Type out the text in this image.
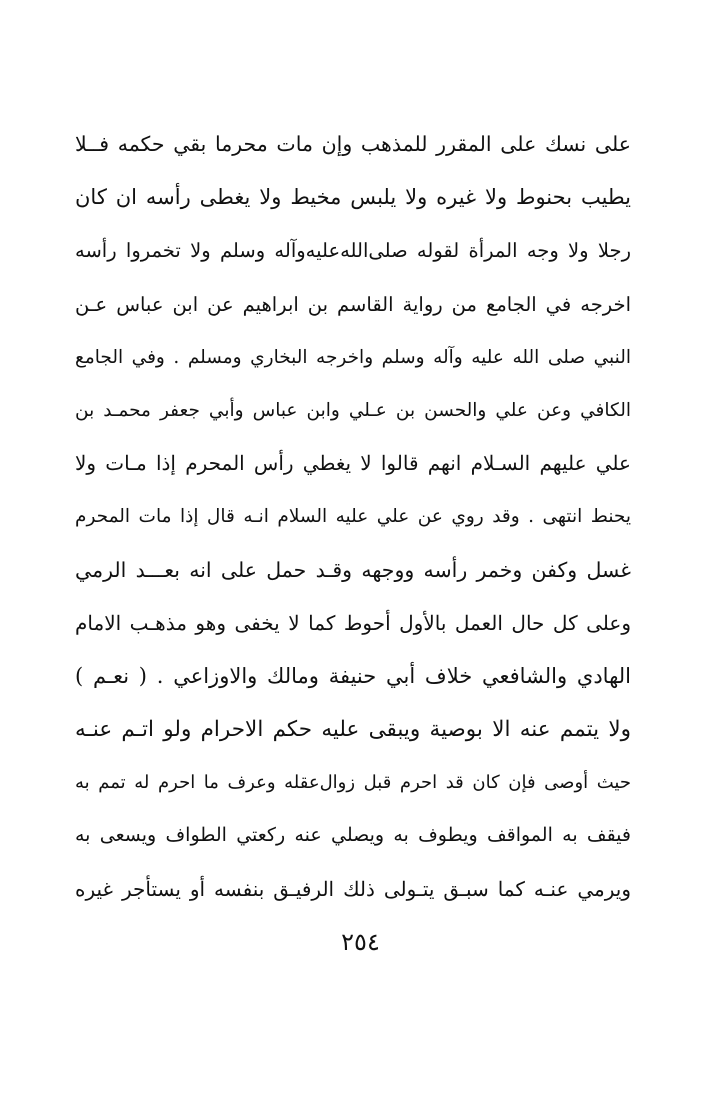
على نسك على المقرر للمذهب وإن مات محرما بقي حكمه فــلا
يطيب بحنوط ولا غيره ولا يلبس مخيط ولا يغطى رأسه ان كان
رجلا ولا وجه المرأة لقوله صلى‌الله‌عليه‌وآله وسلم ولا تخمروا رأسه
اخرجه في الجامع من رواية القاسم بن ابراهيم عن ابن عباس عـن
النبي صلى الله عليه وآله وسلم واخرجه البخاري ومسلم . وفي الجامع
الكافي وعن علي والحسن بن عـلي وابن عباس وأبي جعفر محمـد بن
علي عليهم السـلام انهم قالوا لا يغطي رأس المحرم إذا مـات ولا
يحنط انتهى . وقد روي عن علي عليه السلام انـه قال إذا مات المحرم
غسل وكفن وخمر رأسه ووجهه وقـد حمل على انه بعـــد الرمي
وعلى كل حال العمل بالأول أحوط كما لا يخفى وهو مذهـب الامام
الهادي والشافعي خلاف أبي حنيفة ومالك والاوزاعي . ( نعـم )
ولا يتمم عنه الا بوصية ويبقى عليه حكم الاحرام ولو اتـم عنـه
حيث أوصى فإن كان قد احرم قبل زوال‌عقله وعرف ما احرم له تمم به
فيقف به المواقف ويطوف به ويصلي عنه ركعتي الطواف ويسعى به
ويرمي عنـه كما سبـق يتـولى ذلك الرفيـق بنفسه أو يستأجر غيره
٢٥٤
